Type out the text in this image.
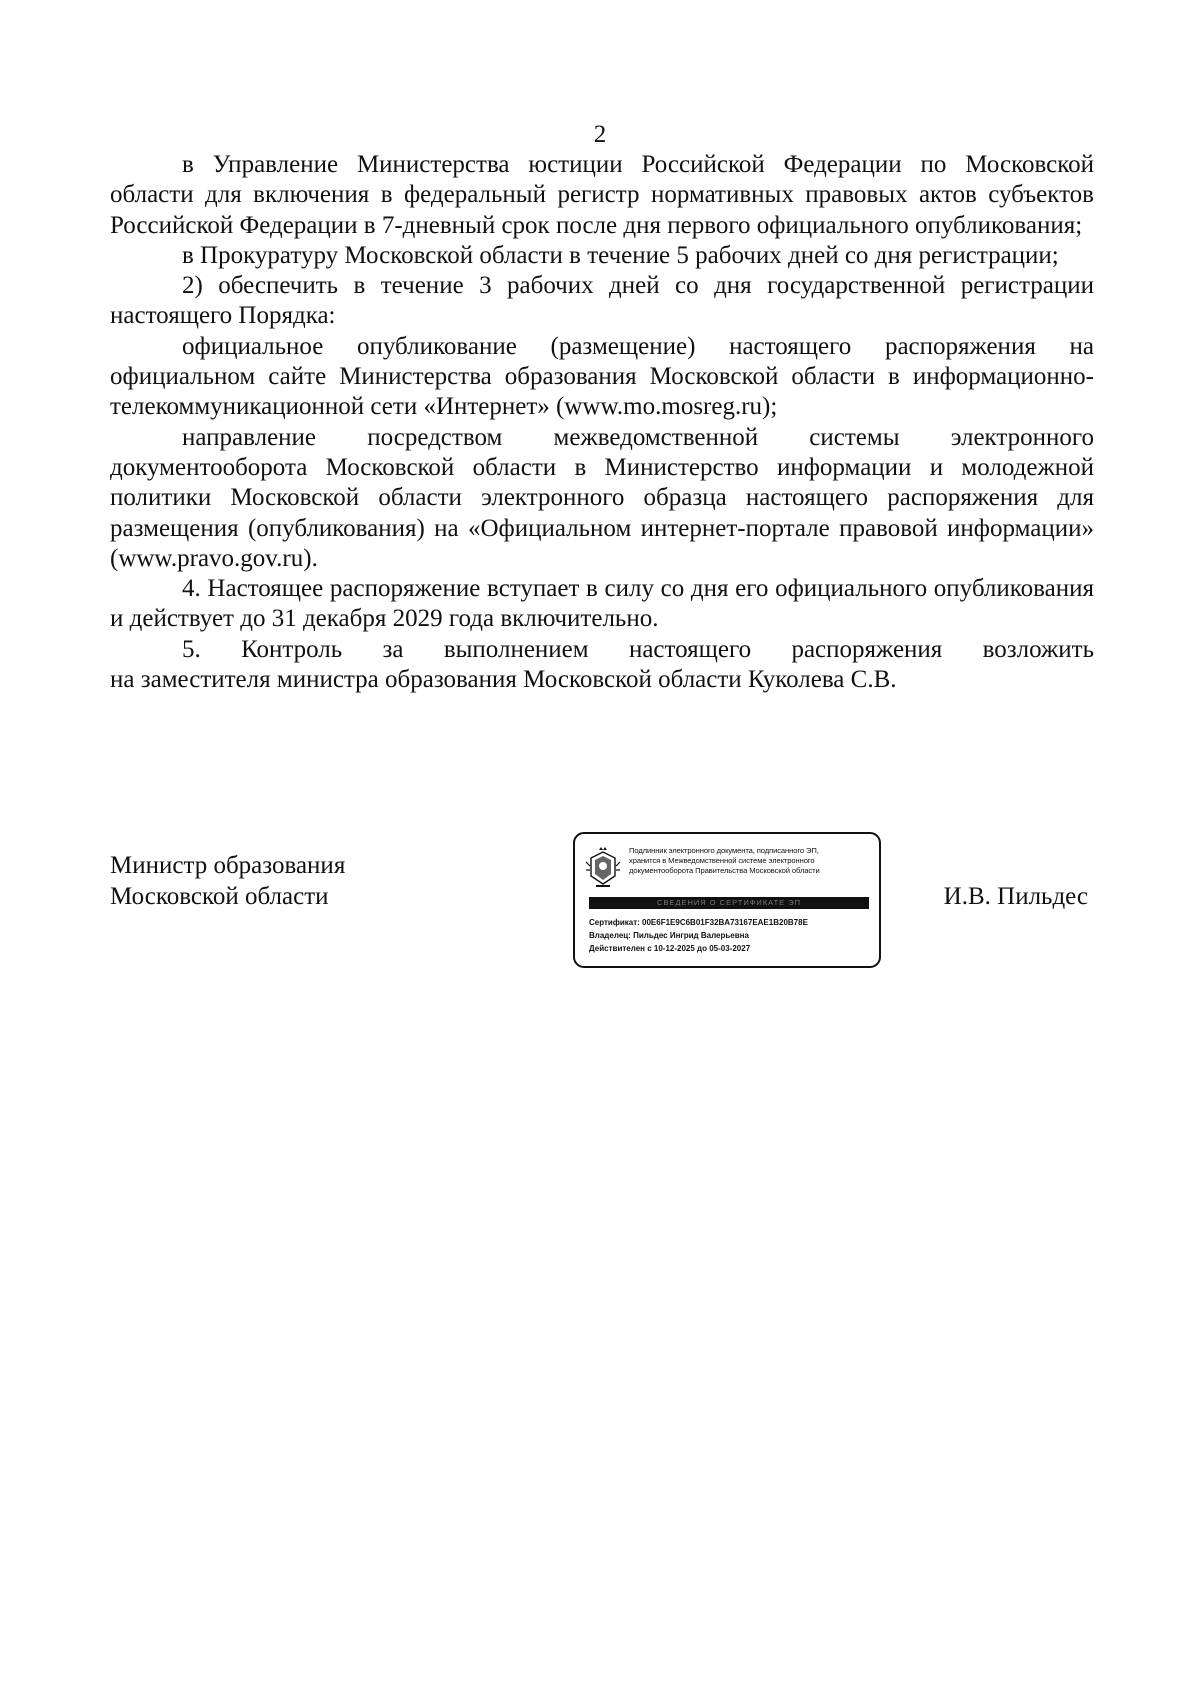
2

в Управление Министерства юстиции Российской Федерации по Московской области для включения в федеральный регистр нормативных правовых актов субъектов Российской Федерации в 7-дневный срок после дня первого официального опубликования;

в Прокуратуру Московской области в течение 5 рабочих дней со дня регистрации;

2) обеспечить в течение 3 рабочих дней со дня государственной регистрации настоящего Порядка:

официальное опубликование (размещение) настоящего распоряжения на официальном сайте Министерства образования Московской области в информационно-телекоммуникационной сети «Интернет» (www.mo.mosreg.ru);

направление посредством межведомственной системы электронного документооборота Московской области в Министерство информации и молодежной политики Московской области электронного образца настоящего распоряжения для размещения (опубликования) на «Официальном интернет-портале правовой информации» (www.pravo.gov.ru).

4. Настоящее распоряжение вступает в силу со дня его официального опубликования и действует до 31 декабря 2029 года включительно.

5. Контроль за выполнением настоящего распоряжения возложить

на заместителя министра образования Московской области Куколева С.В.

Министр образования
Московской области	И.В. Пильдес
Подлинник электронного документа, подписанного ЭП,
хранится в Межведомственной системе электронного
документооборота Правительства Московской области
СВЕДЕНИЯ О СЕРТИФИКАТЕ ЭП
Сертификат: 00E6F1E9C6B01F32BA73167EAE1B20B78E
Владелец: Пильдес Ингрид Валерьевна
Действителен с 10-12-2025 до 05-03-2027
